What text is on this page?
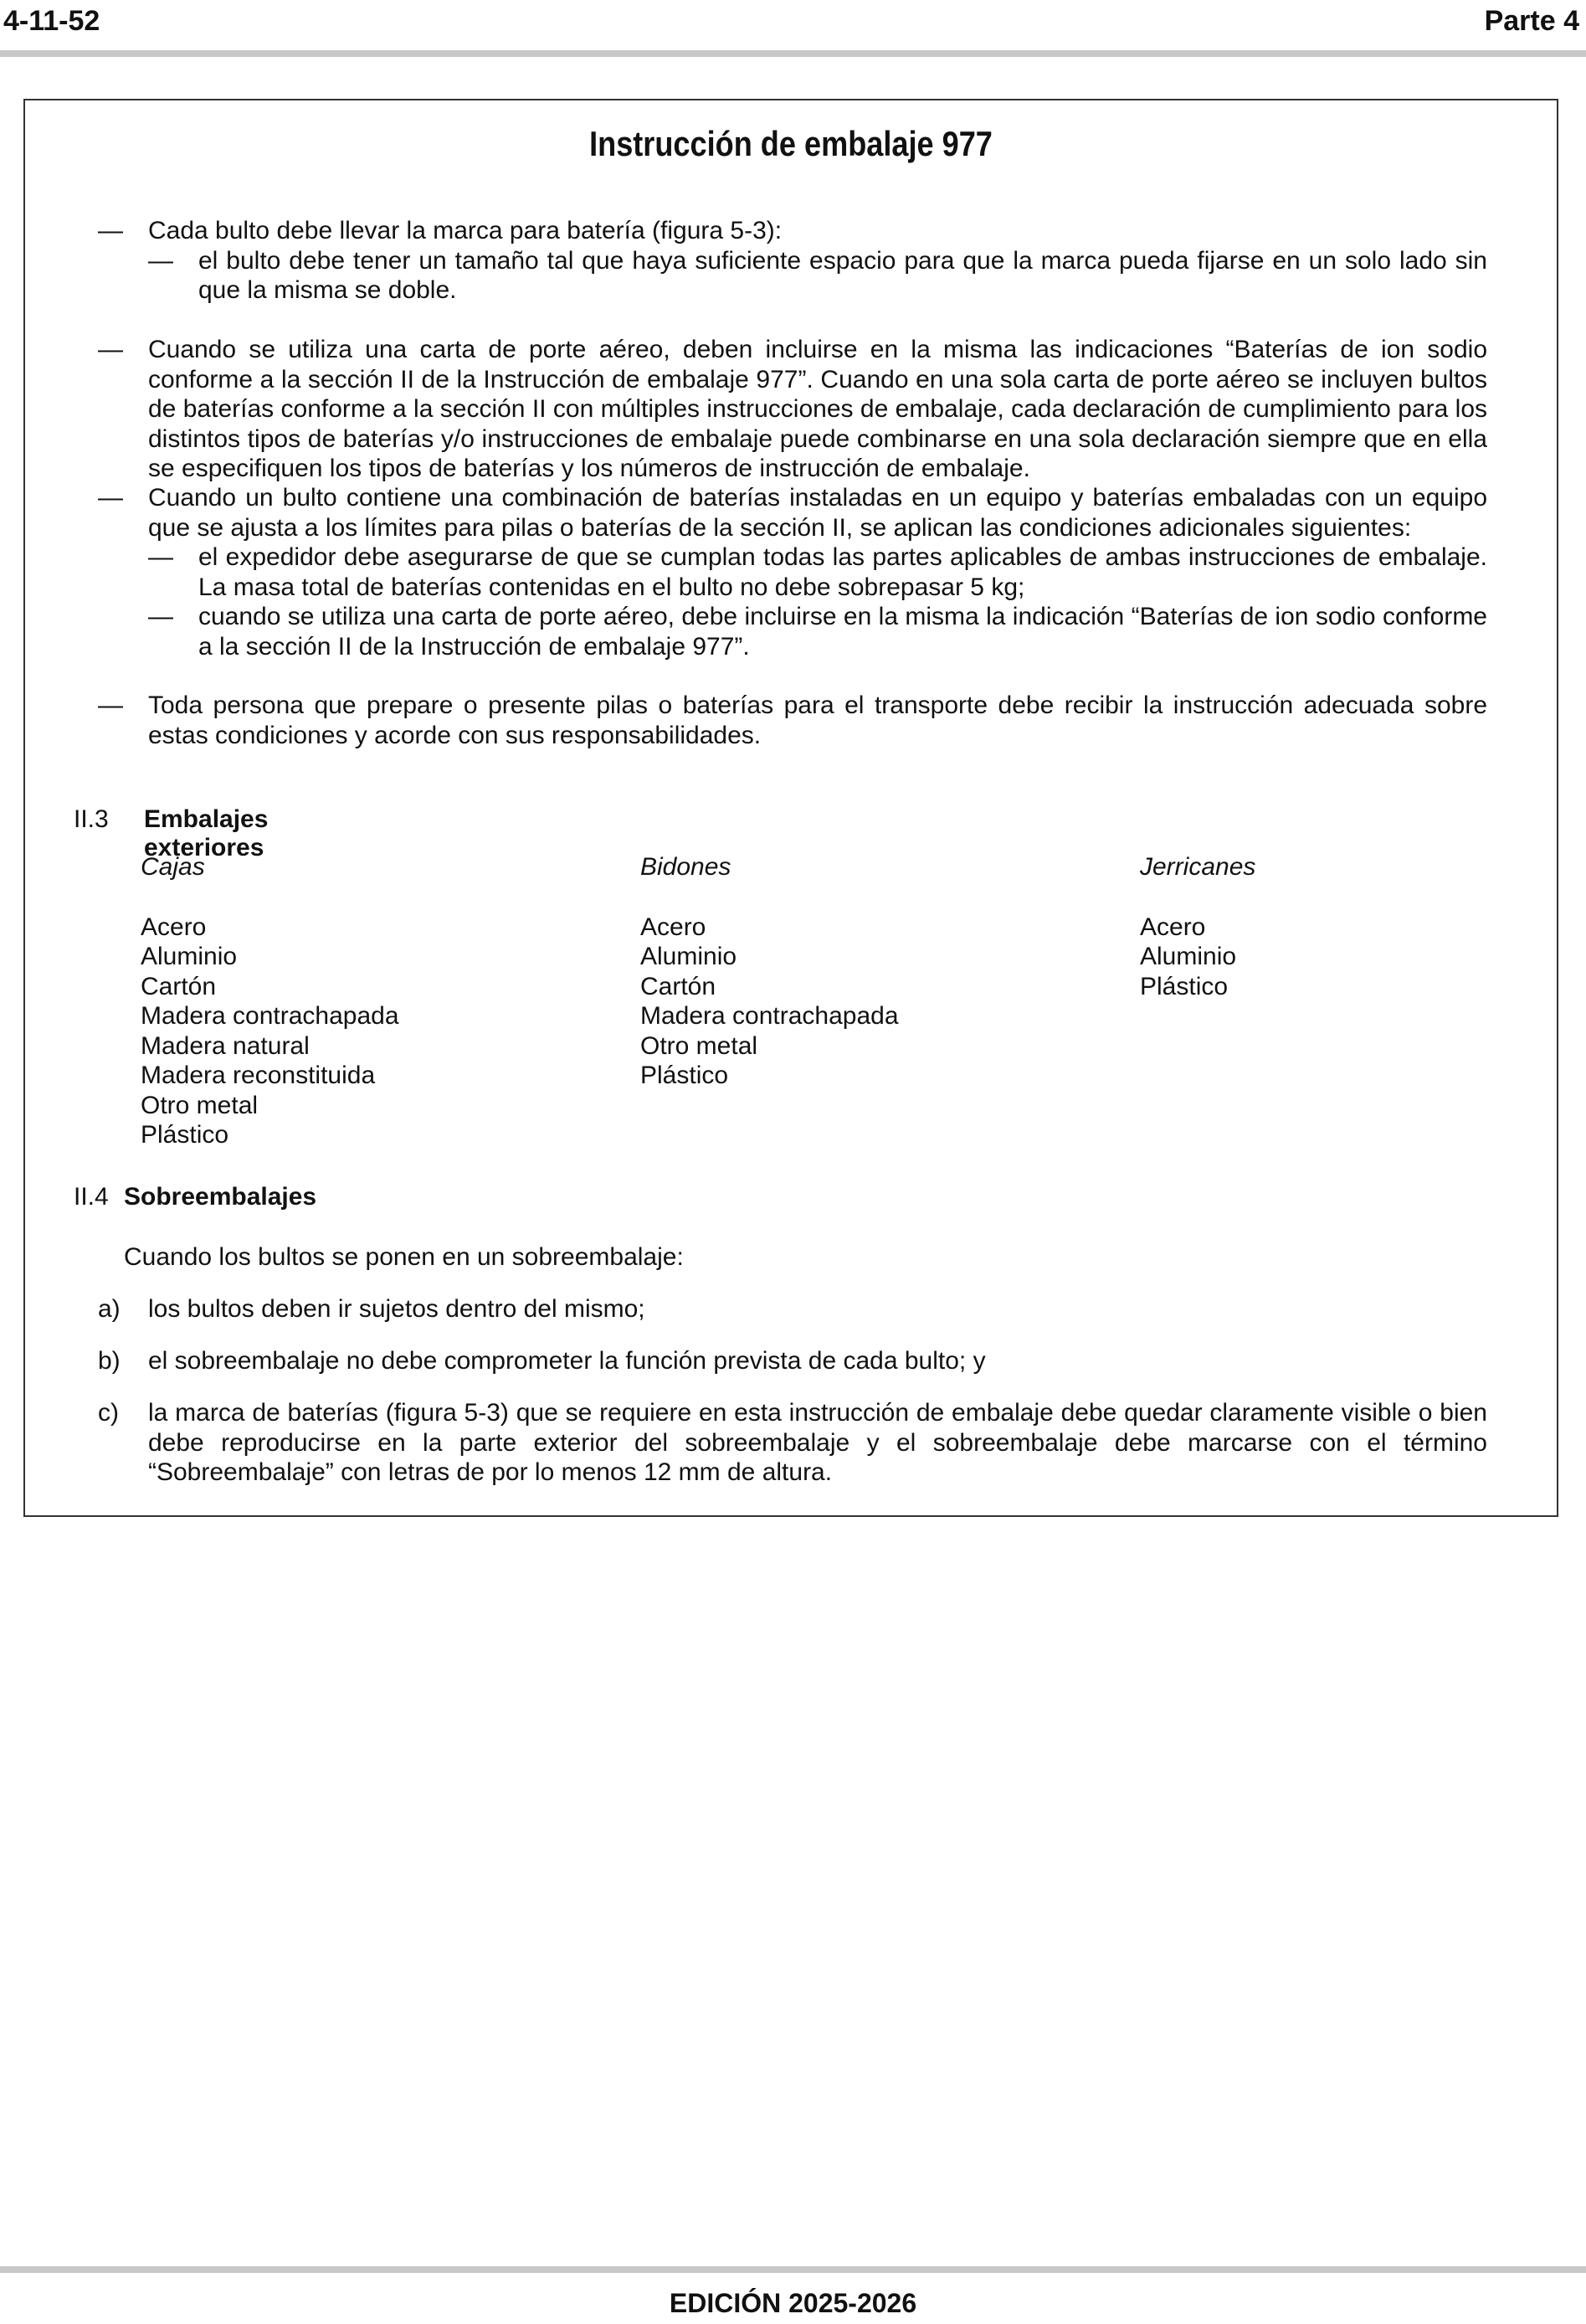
4-11-52	Parte 4
Instrucción de embalaje 977
— Cada bulto debe llevar la marca para batería (figura 5-3):
— el bulto debe tener un tamaño tal que haya suficiente espacio para que la marca pueda fijarse en un solo lado sin que la misma se doble.
— Cuando se utiliza una carta de porte aéreo, deben incluirse en la misma las indicaciones “Baterías de ion sodio conforme a la sección II de la Instrucción de embalaje 977”. Cuando en una sola carta de porte aéreo se incluyen bultos de baterías conforme a la sección II con múltiples instrucciones de embalaje, cada declaración de cumplimiento para los distintos tipos de baterías y/o instrucciones de embalaje puede combinarse en una sola declaración siempre que en ella se especifiquen los tipos de baterías y los números de instrucción de embalaje.
— Cuando un bulto contiene una combinación de baterías instaladas en un equipo y baterías embaladas con un equipo que se ajusta a los límites para pilas o baterías de la sección II, se aplican las condiciones adicionales siguientes:
— el expedidor debe asegurarse de que se cumplan todas las partes aplicables de ambas instrucciones de embalaje. La masa total de baterías contenidas en el bulto no debe sobrepasar 5 kg;
— cuando se utiliza una carta de porte aéreo, debe incluirse en la misma la indicación “Baterías de ion sodio conforme a la sección II de la Instrucción de embalaje 977”.
— Toda persona que prepare o presente pilas o baterías para el transporte debe recibir la instrucción adecuada sobre estas condiciones y acorde con sus responsabilidades.
II.3 Embalajes exteriores
Cajas
Acero
Aluminio
Cartón
Madera contrachapada
Madera natural
Madera reconstituida
Otro metal
Plástico
Bidones
Acero
Aluminio
Cartón
Madera contrachapada
Otro metal
Plástico
Jerricanes
Acero
Aluminio
Plástico
II.4 Sobreembalajes
Cuando los bultos se ponen en un sobreembalaje:
a) los bultos deben ir sujetos dentro del mismo;
b) el sobreembalaje no debe comprometer la función prevista de cada bulto; y
c) la marca de baterías (figura 5-3) que se requiere en esta instrucción de embalaje debe quedar claramente visible o bien debe reproducirse en la parte exterior del sobreembalaje y el sobreembalaje debe marcarse con el término “Sobreembalaje” con letras de por lo menos 12 mm de altura.
EDICIÓN 2025-2026
